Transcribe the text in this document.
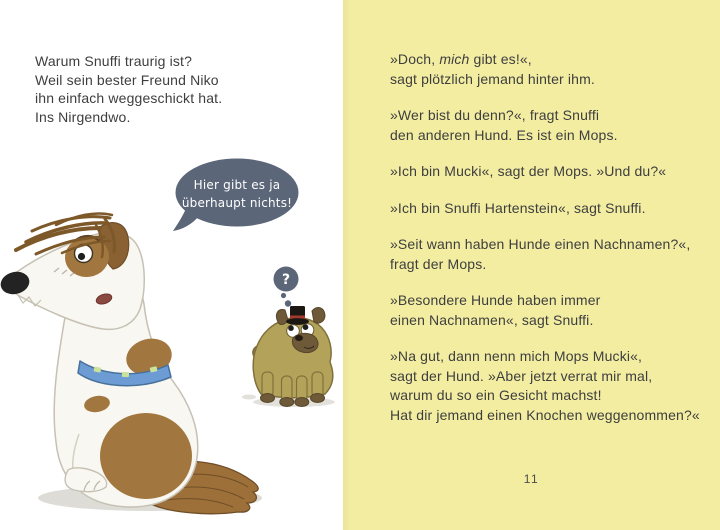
?
Warum Snuffi traurig ist?
Weil sein bester Freund Niko
ihn einfach weggeschickt hat.
Ins Nirgendwo.
Hier gibt es ja
überhaupt nichts!
»Doch, mich gibt es!«,
sagt plötzlich jemand hinter ihm.
»Wer bist du denn?«, fragt Snuffi
den anderen Hund. Es ist ein Mops.
»Ich bin Mucki«, sagt der Mops. »Und du?«
»Ich bin Snuffi Hartenstein«, sagt Snuffi.
»Seit wann haben Hunde einen Nachnamen?«,
fragt der Mops.
»Besondere Hunde haben immer
einen Nachnamen«, sagt Snuffi.
»Na gut, dann nenn mich Mops Mucki«,
sagt der Hund. »Aber jetzt verrat mir mal,
warum du so ein Gesicht machst!
Hat dir jemand einen Knochen weggenommen?«
11
